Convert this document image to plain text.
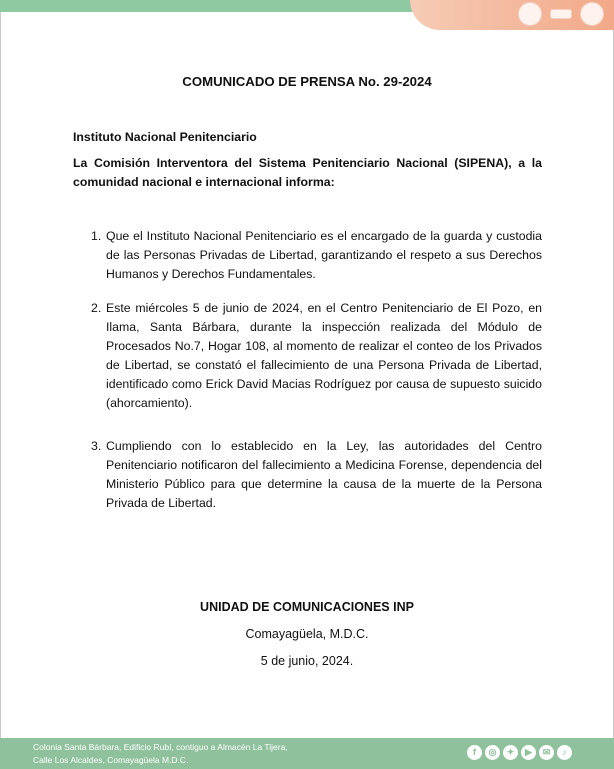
COMUNICADO DE PRENSA No. 29-2024
Instituto Nacional Penitenciario
La Comisión Interventora del Sistema Penitenciario Nacional (SIPENA), a la comunidad nacional e internacional informa:
1. Que el Instituto Nacional Penitenciario es el encargado de la guarda y custodia de las Personas Privadas de Libertad, garantizando el respeto a sus Derechos Humanos y Derechos Fundamentales.
2. Este miércoles 5 de junio de 2024, en el Centro Penitenciario de El Pozo, en Ilama, Santa Bárbara, durante la inspección realizada del Módulo de Procesados No.7, Hogar 108, al momento de realizar el conteo de los Privados de Libertad, se constató el fallecimiento de una Persona Privada de Libertad, identificado como Erick David Macias Rodríguez por causa de supuesto suicido (ahorcamiento).
3. Cumpliendo con lo establecido en la Ley, las autoridades del Centro Penitenciario notificaron del fallecimiento a Medicina Forense, dependencia del Ministerio Público para que determine la causa de la muerte de la Persona Privada de Libertad.
UNIDAD DE COMUNICACIONES INP
Comayagüela, M.D.C.
5 de junio, 2024.
Colonia Santa Bárbara, Edificio Rubí, contiguo a Almacén La Tijera,
Calle Los Alcaldes, Comayagüela M.D.C.
f	◎	✦	▶	✉	♪
